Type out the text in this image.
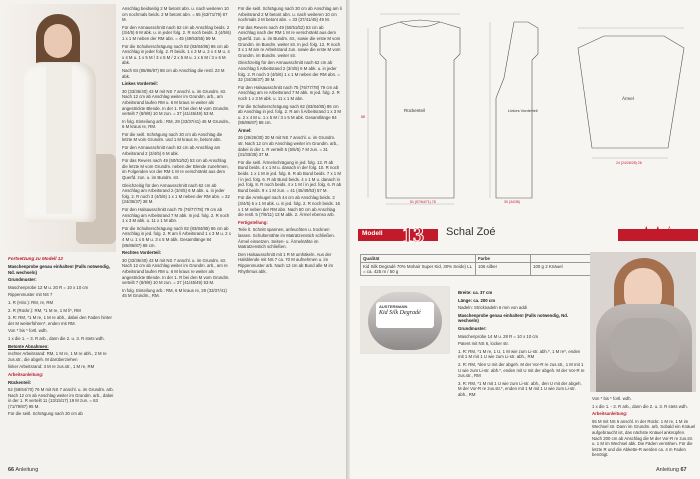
Fortsetzung zu Modell 12

Maschenprobe genau einhalten! (Falls notwendig, Nd. wechseln)

Grundmuster:

Maschenprobe 12 M u. 20 R = 10 x 10 cm

Rippenmuster mit NS 7

1. R (Hinr.): RM, re, RM

2. R (Rückr.): RM, *1 M re, 1 M li*, RM

3. R: RM, *1 M re, 1 M re abh., dabei den Faden hinter der M weiterführen*, enden mit RM.

Von * bis * fortl. wdh.

1 x die 1. – 3. R arb., dann die 2. u. 3. R stets wdh.

Betonte Abnahmen:

rechter Arbeitsrand: RM, 1 M re, 1 M re abh., 2 M re zus.str., die abgeh. M darüberziehen

linker Arbeitsrand: 3 M re zus.str., 1 M re, RM

Arbeitsanleitung:

Rückenteil:

52 (58/64/70) 76 M mit NS 7 anschl. u. im Grundm. arb. Nach 12 cm ab Anschlag weiter im Grundm. arb., dabei in der 1. R verteilt 11 (13/15/17) 19 M zun. = 63 (71/79/87) 95 M.

Für die seitl. Schrägung nach 30 cm ab

Anschlag beidseitig 2 M betont abn. u. nach weiteren 10 cm nochmals beids. 2 M betont abn. = 55 (63/71/79) 87 M.

Für den Armausschnitt nach 62 cm ab Anschlag beids. 2 (3/4/5) 6 M abk. u. in jeder folg. 2. R noch beids. 3 (4/5/6) 1 x 1 M neben der RM abn. = 45 (49/53/55) 59 M.

Für die Schulterschrägung nach 82 (83/84/85) 86 cm ab Anschlag in jeder folg. 2. R beids. 1 x 3 M u. 2 x 4 M u. 4 x 4 M u. 1 x 5 M / 3 x 5 M / 2 x 5 M u. 1 x 6 M / 3 x 6 M abk.

Nach 84 (85/86/87) 88 cm ab Anschlag die restl. 23 M abk.

Linkes Vorderteil:

30 (33/36/40) 43 M mit NS 7 anschl. u. im Grundm. str. Nach 12 cm ab Anschlag weiter im Grundm. arb., am Arbeitsrand laufen RM u. 6 M kraus re weiter als angestrickte Blende. In der 1. R bei den M vom Grundm. verteilt 7 (8/9/9) 10 M zun. = 37 (41/45/49) 53 M.

In folg. Einteilung arb.: RM, 29 (33/37/41) 45 M Grundm., 6 M kraus re, RM.

Für die seitl. Schrägung nach 30 cm ab Anschlag die letzte M vom Grundm. und 1 M kraus re, betont abn.

Für den Armausschnitt nach 62 cm ab Anschlag am Arbeitsrand 2 (3/4/5) 6 M abk.

Für das Revers nach 49 (50/51/52) 53 cm ab Anschlag die letzte M vom Grundm. neben der Blende zunehmen, im Folgenden vor der RM 1 M re verschränkt aus dem Querfd. zun. u. im Bundm. str.

Gleichzeitig für den Armausschnitt nach 62 cm ab Anschlag am Arbeitsrand 2 (3/4/5) 6 M abk. u. in jeder folg. 2. R noch 3 (4/5/6) 1 x 1 M neben der RM abn. = 32 (34/36/37) 38 M.

Für den Halsausschnitt nach 75 (76/77/78) 79 cm ab Anschlag am Arbeitsrand 7 M abk. In jed. folg. 2. R noch 1 x 3 M abk. u. 11 x 1 M abn.

Für die Schulterschrägung nach 82 (83/84/85) 86 cm ab Anschlag in jed. folg. 2. R am li Arbeitsrand 1 x 3 M u. 2 x 4 M u. 1 x 5 M u. 3 x 5 M abk. Gesamtlänge 84 (85/86/87) 88 cm.

Rechtes Vorderteil:

30 (33/36/40) 43 M mit NS 7 anschl. u. im Grundm. str. Nach 12 cm ab Anschlag weiter im Grundm. arb., am re Arbeitsrand laufen RM u. 6 M kraus re weiter als angestrickte Blende. In der 1. R bei den M vom Grundm. verteilt 7 (8/9/9) 10 M zun. = 37 (41/45/49) 53 M.

In folg. Einteilung arb.: RM, 6 M kraus re, 29 (33/37/41) 45 M Grundm., RM.

Für die seitl. Schrägung nach 30 cm ab Anschlag am li Arbeitsrand 2 M betont abn. u. nach weiteren 10 cm nochmals 2 M betont abn. = 33 (37/41/45) 49 M.

Für das Revers nach 49 (50/51/52) 53 cm ab Anschlag nach der RM 1 M re verschränkt aus dem Querfd. zun. u. im Bundm. str., sowie die erste M vom Grundm. im Bundm. weiter str. In jed. folg. 12. R noch 3 x 1 M am re Arbeitsrand zun. sowie die erste M vom Grundm. im Bundm. weiter str.

Gleichzeitig für den Armausschnitt nach 62 cm ab Anschlag li Arbeitsrand 2 (3/4/5) 6 M abk. u. in jeder folg. 2. R noch 3 (4/5/6) 1 x 1 M neben der RM abn. = 32 (34/36/37) 38 M.

Für den Halsausschnitt nach 75 (76/77/78) 79 cm ab Anschlag am re Arbeitsrand 7 M abk. In jed. folg. 2. R noch 1 x 3 M abk. u. 11 x 1 M abn.

Für die Schulterschrägung nach 82 (83/84/85) 86 cm ab Anschlag in jed. folg. 2. R am li Arbeitsrand 1 x 3 M u. 2 x 4 M u. 1 x 5 M / 3 x 5 M abk. Gesamtlänge 84 (85/86/87) 88 cm.

Ärmel:

26 (26/26/30) 30 M mit NS 7 anschl. u. im Grundm. str. Nach 12 cm ab Anschlag weiter im Grundm. arb., dabei in der 1. R verteilt 5 (5/5/5) 7 M zun. = 31 (31/33/35) 37 M.

Für die seitl. Ärmelschrägung in jed. folg. 12. R ab Bund beids. 4 x 1 M u. danach in der folg. 10. R noch beids. 1 x 1 M in jed. folg. 8. R ab Bund beids. 7 x 1 M / in jed. folg. 6. R ab Bund beids. 4 x 1 M u. danach in jed. folg. 8. R noch beids. 4 x 1 M / in jed. folg. 6. R ab Bund beids. 9 x 1 M zun. = 41 (45/49/53) 57 M.

Für die Armkugel nach 44 cm ab Anschlag beids. 2 (3/4/5) 6 x 1 M abk. u. in jed. folg. 2. R noch beids. 16 x 1 M neben der RM abn. Nach 50 cm ab Anschlag die restl. 5 (7/9/11) 13 M abk. 2. Ärmel ebenso arb.

Fertigstellung:

Teile lt. Schnitt spannen, anfeuchten u. trocknen lassen. Schulternähte im Matratzenstich schließen. Ärmel einsetzen. Seiten- u. Ärmelnähte im Matratzenstich schließen.

Den Halsausschnitt mit 1 R M umhäkeln. Aus der Halsblende mit NS 7 ca. 70 M aufnehmen u. im Rippenmuster arb. Nach 12 cm ab Bund alle M im Rhythmus abk.

66 Anleitung
Rückenteil
51 (57/64/71) 78
88
Linkes Vorderteil
30 (34/38)
Ärmel
24 (24/26/28) 26
Modell 13 Schal Zoé	★★☆
Qualität	Farbe	
Kid Silk Degradé 70% Mohair Super Kid, 30% Seide) LL = ca. 425 m / 50 g	106 silber	100 g 2 Knäuel
AUSTERMANN
Kid Silk Degradé

Breite: ca. 37 cm

Länge: ca. 200 cm

Nadeln: Stricknadeln 6 mm von addi

Maschenprobe genau einhalten! (Falls notwendig, Nd. wechseln)

Grundmuster:

Maschenprobe 14 M u. 28 R = 10 x 10 cm

Patent mit NS 6, locker str.

1. R: RM, *1 M re, 1 U, 1 M wie zum Li-str. abh.*, 1 M re*, enden mit 1 M mit 1 U wie zum Li-str. abh., RM

2. R: RM, *den U mit der abgeh. M der Vor-R re zus.str., 1 M mit 1 U wie zum Li-str. abh.*, enden mit U mit der abgeh. M der Vor-R re zus.str., RM

3. R: RM, *1 M mit 1 U wie zum Li-str. abh., den U mit der abgeh. M der Vor-R re zus.str.*, enden mit 1 M mit 1 U wie zum Li-str. abh., RM

Von * bis * fortl. wdh.

1 x die 1. - 3. R arb., dann die 2. u. 3. R stets wdh.

Arbeitsanleitung:

55 M mit NS 6 anschl. In der Rückr. 1 M re, 1 M im Wechsel str. Dann im Grundm. arb. Sobald ein Knäuel aufgebraucht ist, das nächste Knäuel anknüpfen. Nach 200 cm ab Anschlag die M der Vor-R re zus.str. u. 1 M im Wechsel abk. Die Fäden vernähen. Für die letzte R und die Abkette-R werden ca. 4 m Faden benötigt.

Anleitung 67
